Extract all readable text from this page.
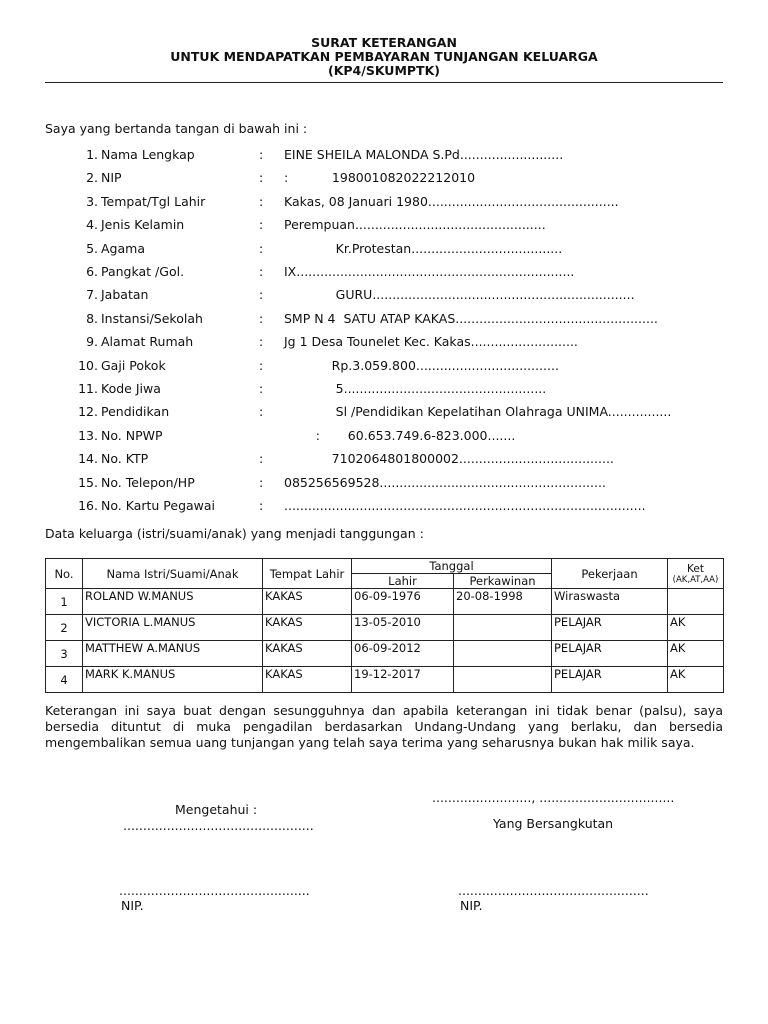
SURAT KETERANGAN
UNTUK MENDAPATKAN PEMBAYARAN TUNJANGAN KELUARGA
(KP4/SKUMPTK)
Saya yang bertanda tangan di bawah ini :
1. Nama Lengkap	: EINE SHEILA MALONDA S.Pd..........................
2. NIP	: :           198001082022212010
3. Tempat/Tgl Lahir	: Kakas, 08 Januari 1980................................................
4. Jenis Kelamin	: Perempuan................................................
5. Agama	: Kr.Protestan......................................
6. Pangkat /Gol.	: IX......................................................................
7. Jabatan	: GURU..................................................................
8. Instansi/Sekolah	: SMP N 4  SATU ATAP KAKAS...................................................
9. Alamat Rumah	: Jg 1 Desa Tounelet Kec. Kakas...........................
10. Gaji Pokok	: Rp.3.059.800....................................
11. Kode Jiwa	: 5...................................................
12. Pendidikan	: Sl /Pendidikan Kepelatihan Olahraga UNIMA................
13. No. NPWP	:       60.653.749.6-823.000.......
14. No. KTP	: 7102064801800002.......................................
15. No. Telepon/HP	: 085256569528.........................................................
16. No. Kartu Pegawai	: ...........................................................................................
Data keluarga (istri/suami/anak) yang menjadi tanggungan :
No.	Nama Istri/Suami/Anak	Tempat Lahir	Tanggal		Pekerjaan	Ket
(AK,AT,AA)

			Lahir	Perkawinan		
1	ROLAND W.MANUS	KAKAS	06-09-1976	20-08-1998	Wiraswasta	
2	VICTORIA L.MANUS	KAKAS	13-05-2010		PELAJAR	AK
3	MATTHEW A.MANUS	KAKAS	06-09-2012		PELAJAR	AK
4	MARK K.MANUS	KAKAS	19-12-2017		PELAJAR	AK
Keterangan ini saya buat dengan sesungguhnya dan apabila keterangan ini tidak benar (palsu), saya bersedia dituntut di muka pengadilan berdasarkan Undang-Undang yang berlaku, dan bersedia mengembalikan semua uang tunjangan yang telah saya terima yang seharusnya bukan hak milik saya.
........................., ..................................
Mengetahui :
................................................	Yang Bersangkutan
................................................	................................................
NIP.	NIP.
